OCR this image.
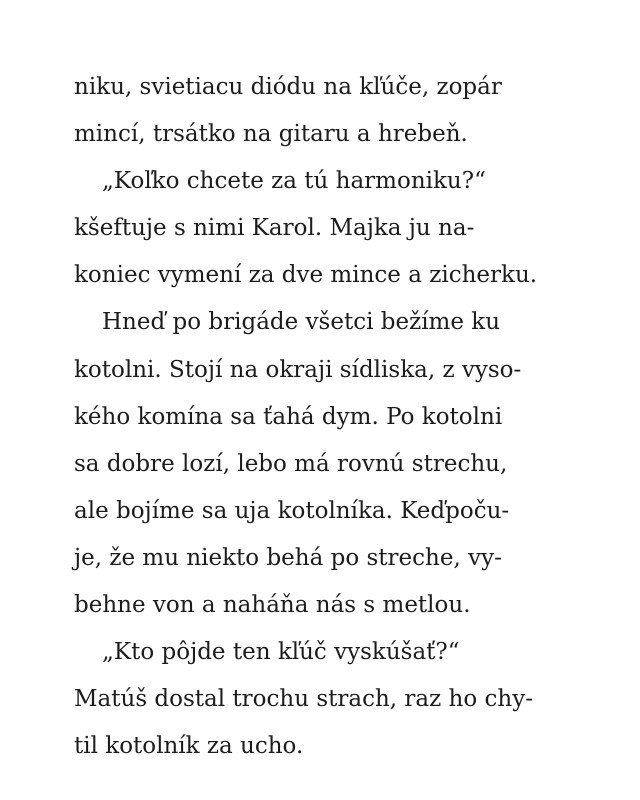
niku, svietiacu diódu na kľúče, zopár
mincí, trsátko na gitaru a hrebeň.
„Koľko chcete za tú harmoniku?“
kšeftuje s nimi Karol. Majka ju na-
koniec vymení za dve mince a zicherku.
Hneď po brigáde všetci bežíme ku
kotolni. Stojí na okraji sídliska, z vyso-
kého komína sa ťahá dym. Po kotolni
sa dobre lozí, lebo má rovnú strechu,
ale bojíme sa uja kotolníka. Keďpoču-
je, že mu niekto behá po streche, vy-
behne von a naháňa nás s metlou.
„Kto pôjde ten kľúč vyskúšať?“
Matúš dostal trochu strach, raz ho chy-
til kotolník za ucho.
